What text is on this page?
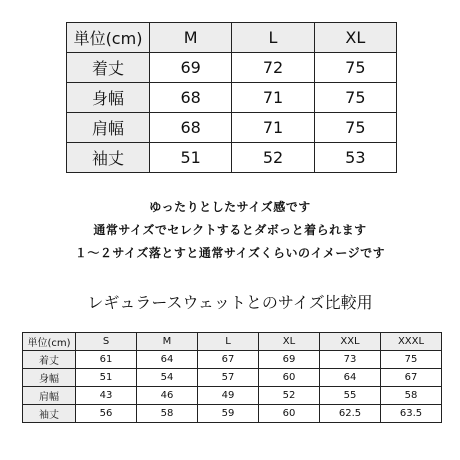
単位(cm)	M	L	XL
着丈	69	72	75
身幅	68	71	75
肩幅	68	71	75
袖丈	51	52	53
ゆったりとしたサイズ感です
通常サイズでセレクトするとダボっと着られます
１～２サイズ落とすと通常サイズくらいのイメージです
レギュラースウェットとのサイズ比較用
単位(cm)	S	M	L	XL	XXL	XXXL
着丈	61	64	67	69	73	75
身幅	51	54	57	60	64	67
肩幅	43	46	49	52	55	58
袖丈	56	58	59	60	62.5	63.5
